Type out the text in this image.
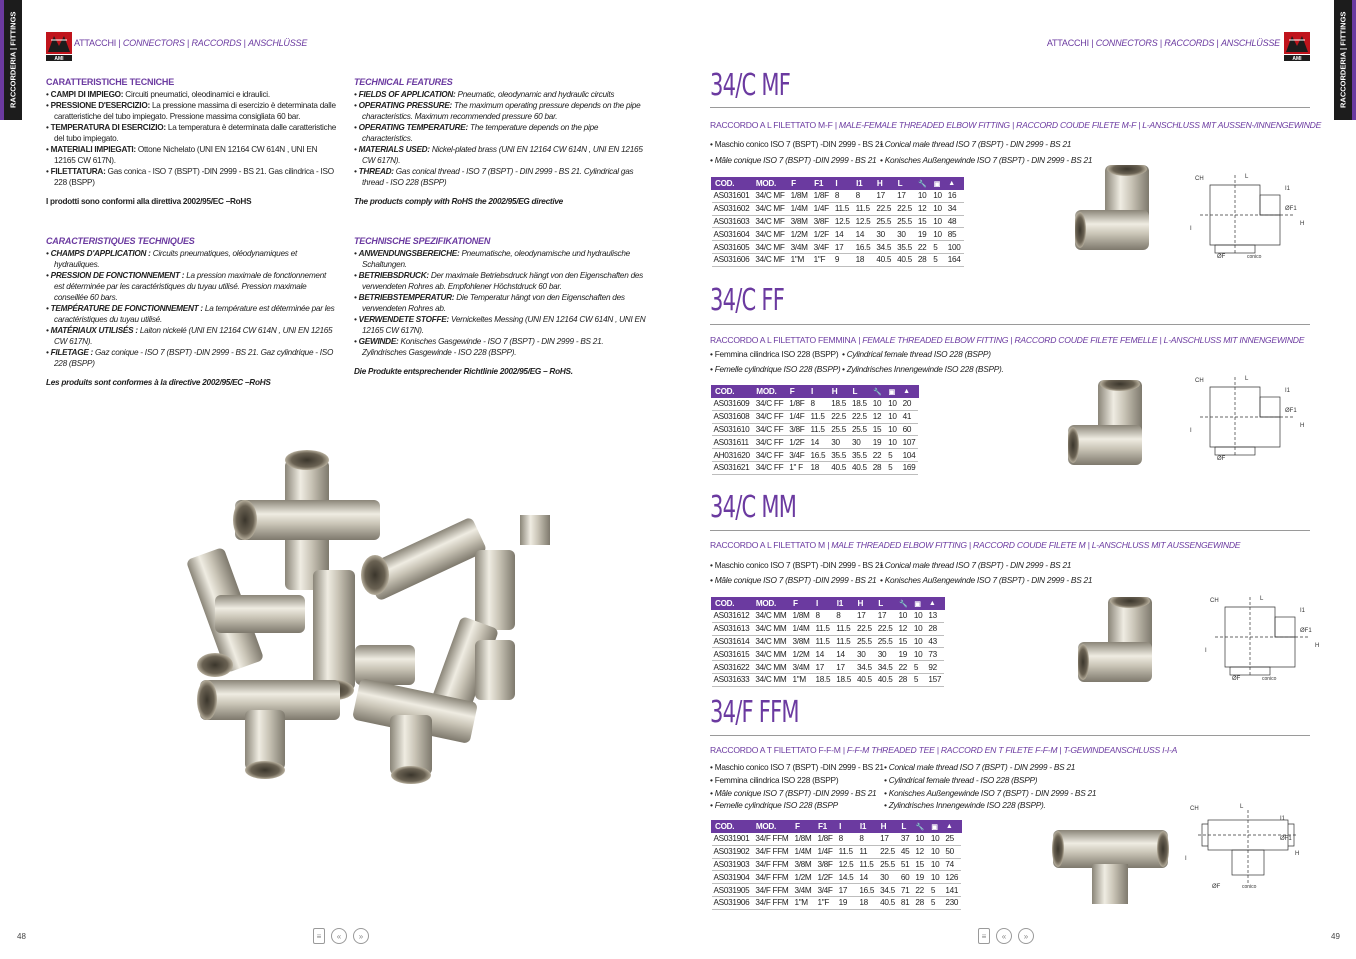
RACCORDERIA | FITTINGS	AMI
ATTACCHI | CONNECTORS | RACCORDS | ANSCHLÜSSE
CARATTERISTICHE TECNICHE
• CAMPI DI IMPIEGO: Circuiti pneumatici, oleodinamici e idraulici.
• PRESSIONE D'ESERCIZIO: La pressione massima di esercizio è determinata dalle caratteristiche del tubo impiegato. Pressione massima consigliata 60 bar.
• TEMPERATURA DI ESERCIZIO: La temperatura è determinata dalle caratteristiche del tubo impiegato.
• MATERIALI IMPIEGATI: Ottone Nichelato (UNI EN 12164 CW 614N , UNI EN 12165 CW 617N).
• FILETTATURA: Gas conica - ISO 7 (BSPT) -DIN 2999 - BS 21. Gas cilindrica - ISO 228 (BSPP)
I prodotti sono conformi alla direttiva 2002/95/EC –RoHS
TECHNICAL FEATURES
• FIELDS OF APPLICATION: Pneumatic, oleodynamic and hydraulic circuits
• OPERATING PRESSURE: The maximum operating pressure depends on the pipe characteristics. Maximum recommended pressure 60 bar.
• OPERATING TEMPERATURE: The temperature depends on the pipe characteristics.
• MATERIALS USED: Nickel-plated brass (UNI EN 12164 CW 614N , UNI EN 12165 CW 617N).
• THREAD: Gas conical thread - ISO 7 (BSPT) - DIN 2999 - BS 21. Cylindrical gas thread - ISO 228 (BSPP)
The products comply with RoHS the 2002/95/EG directive
CARACTERISTIQUES TECHNIQUES
• CHAMPS D'APPLICATION : Circuits pneumatiques, oléodynamiques et hydrauliques.
• PRESSION DE FONCTIONNEMENT : La pression maximale de fonctionnement est déterminée par les caractéristiques du tuyau utilisé. Pression maximale conseillée 60 bars.
• TEMPÉRATURE DE FONCTIONNEMENT : La température est déterminée par les caractéristiques du tuyau utilisé.
• MATÉRIAUX UTILISÉS : Laiton nickelé (UNI EN 12164 CW 614N , UNI EN 12165 CW 617N).
• FILETAGE : Gaz conique - ISO 7 (BSPT) -DIN 2999 - BS 21. Gaz cylindrique - ISO 228 (BSPP)
Les produits sont conformes à la directive 2002/95/EC –RoHS
TECHNISCHE SPEZIFIKATIONEN
• ANWENDUNGSBEREICHE: Pneumatische, oleodynamische und hydraulische Schaltungen.
• BETRIEBSDRUCK: Der maximale Betriebsdruck hängt von den Eigenschaften des verwendeten Rohres ab. Empfohlener Höchstdruck 60 bar.
• BETRIEBSTEMPERATUR: Die Temperatur hängt von den Eigenschaften des verwendeten Rohres ab.
• VERWENDETE STOFFE: Vernickeltes Messing (UNI EN 12164 CW 614N , UNI EN 12165 CW 617N).
• GEWINDE: Konisches Gasgewinde - ISO 7 (BSPT) - DIN 2999 - BS 21. Zylindrisches Gasgewinde - ISO 228 (BSPP).
Die Produkte entsprechender Richtlinie 2002/95/EG – RoHS.
48	≡	«	»
RACCORDERIA | FITTINGS
AMI
ATTACCHI | CONNECTORS | RACCORDS | ANSCHLÜSSE
34/C MF
RACCORDO A L FILETTATO M-F | MALE-FEMALE THREADED ELBOW FITTING | RACCORD COUDE FILETE M-F | L-ANSCHLUSS MIT AUSSEN-/INNENGEWINDE
• Maschio conico ISO 7 (BSPT) -DIN 2999 - BS 21
• Conical male thread ISO 7 (BSPT) - DIN 2999 - BS 21
• Mâle conique ISO 7 (BSPT) -DIN 2999 - BS 21 • Konisches Außengewinde ISO 7 (BSPT) - DIN 2999 - BS 21
COD.	MOD.	F	F1	I	I1	H	L	🔧	▣	▲
AS031601	34/C MF	1/8M	1/8F	8	8	17	17	10	10	16
AS031602	34/C MF	1/4M	1/4F	11.5	11.5	22.5	22.5	12	10	34
AS031603	34/C MF	3/8M	3/8F	12.5	12.5	25.5	25.5	15	10	48
AS031604	34/C MF	1/2M	1/2F	14	14	30	30	19	10	85
AS031605	34/C MF	3/4M	3/4F	17	16.5	34.5	35.5	22	5	100
AS031606	34/C MF	1"M	1"F	9	18	40.5	40.5	28	5	164
CH	L
H
I
I1
ØF
ØF1
conico
34/C FF
RACCORDO A L FILETTATO FEMMINA | FEMALE THREADED ELBOW FITTING | RACCORD COUDE FILETE FEMELLE | L-ANSCHLUSS MIT INNENGEWINDE
• Femmina cilindrica ISO 228 (BSPP) • Cylindrical female thread ISO 228 (BSPP)
• Femelle cylindrique ISO 228 (BSPP) • Zylindrisches Innengewinde ISO 228 (BSPP).
COD.	MOD.	F	I	H	L	🔧	▣	▲
AS031609	34/C FF	1/8F	8	18.5	18.5	10	10	20
AS031608	34/C FF	1/4F	11.5	22.5	22.5	12	10	41
AS031610	34/C FF	3/8F	11.5	25.5	25.5	15	10	60
AS031611	34/C FF	1/2F	14	30	30	19	10	107
AH031620	34/C FF	3/4F	16.5	35.5	35.5	22	5	104
AS031621	34/C FF	1" F	18	40.5	40.5	28	5	169
CH	L
H
I
I1
ØF
ØF1
34/C MM
RACCORDO A L FILETTATO M | MALE THREADED ELBOW FITTING | RACCORD COUDE FILETE M | L-ANSCHLUSS MIT AUSSENGEWINDE
• Maschio conico ISO 7 (BSPT) -DIN 2999 - BS 21
• Conical male thread ISO 7 (BSPT) - DIN 2999 - BS 21
• Mâle conique ISO 7 (BSPT) -DIN 2999 - BS 21 • Konisches Außengewinde ISO 7 (BSPT) - DIN 2999 - BS 21
COD.	MOD.	F	I	I1	H	L	🔧	▣	▲
AS031612	34/C MM	1/8M	8	8	17	17	10	10	13
AS031613	34/C MM	1/4M	11.5	11.5	22.5	22.5	12	10	28
AS031614	34/C MM	3/8M	11.5	11.5	25.5	25.5	15	10	43
AS031615	34/C MM	1/2M	14	14	30	30	19	10	73
AS031622	34/C MM	3/4M	17	17	34.5	34.5	22	5	92
AS031633	34/C MM	1"M	18.5	18.5	40.5	40.5	28	5	157
CH	L
H
I
I1
ØF
ØF1
conico
34/F FFM
RACCORDO A T FILETTATO F-F-M | F-F-M THREADED TEE | RACCORD EN T FILETE F-F-M | T-GEWINDEANSCHLUSS I-I-A
• Maschio conico ISO 7 (BSPT) -DIN 2999 - BS 21 • Conical male thread ISO 7 (BSPT) - DIN 2999 - BS 21
• Femmina cilindrica ISO 228 (BSPP)	• Cylindrical female thread - ISO 228 (BSPP)
• Mâle conique ISO 7 (BSPT) -DIN 2999 - BS 21 • Konisches Außengewinde ISO 7 (BSPT) - DIN 2999 - BS 21
• Femelle cylindrique ISO 228 (BSPP	• Zylindrisches Innengewinde ISO 228 (BSPP).
COD.	MOD.	F	F1	I	I1	H	L	🔧	▣	▲
AS031901	34/F FFM	1/8M	1/8F	8	8	17	37	10	10	25
AS031902	34/F FFM	1/4M	1/4F	11.5	11	22.5	45	12	10	50
AS031903	34/F FFM	3/8M	3/8F	12.5	11.5	25.5	51	15	10	74
AS031904	34/F FFM	1/2M	1/2F	14.5	14	30	60	19	10	126
AS031905	34/F FFM	3/4M	3/4F	17	16.5	34.5	71	22	5	141
AS031906	34/F FFM	1"M	1"F	19	18	40.5	81	28	5	230
CH	L
H
I
I1
ØF
ØF1
conico
49
≡	«	»
